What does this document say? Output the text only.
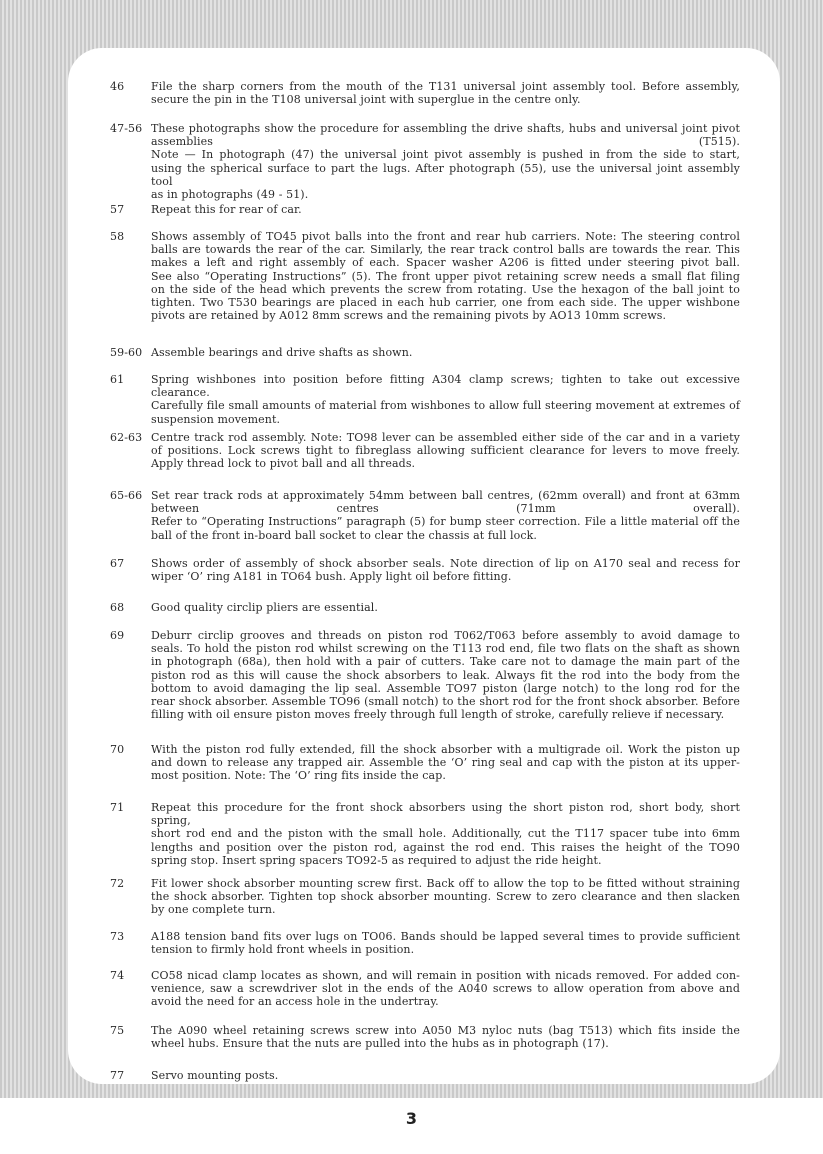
46	File the sharp corners from the mouth of the T131 universal joint assembly tool. Before assembly,
secure the pin in the T108 universal joint with superglue in the centre only.
47-56 These photographs show the procedure for assembling the drive shafts, hubs and universal joint pivot
assemblies (T515).
Note — In photograph (47) the universal joint pivot assembly is pushed in from the side to start,
using the spherical surface to part the lugs. After photograph (55), use the universal joint assembly tool
as in photographs (49 - 51).
57	Repeat this for rear of car.
58	Shows assembly of TO45 pivot balls into the front and rear hub carriers. Note: The steering control
balls are towards the rear of the car. Similarly, the rear track control balls are towards the rear. This
makes a left and right assembly of each. Spacer washer A206 is fitted under steering pivot ball.
See also “Operating Instructions” (5). The front upper pivot retaining screw needs a small flat filing
on the side of the head which prevents the screw from rotating. Use the hexagon of the ball joint to
tighten. Two T530 bearings are placed in each hub carrier, one from each side. The upper wishbone
pivots are retained by A012 8mm screws and the remaining pivots by AO13 10mm screws.
59-60 Assemble bearings and drive shafts as shown.
61	Spring wishbones into position before fitting A304 clamp screws; tighten to take out excessive clearance.
Carefully file small amounts of material from wishbones to allow full steering movement at extremes of
suspension movement.
62-63 Centre track rod assembly. Note: TO98 lever can be assembled either side of the car and in a variety
of positions. Lock screws tight to fibreglass allowing sufficient clearance for levers to move freely.
Apply thread lock to pivot ball and all threads.
65-66 Set rear track rods at approximately 54mm between ball centres, (62mm overall) and front at 63mm
between centres (71mm overall).
Refer to “Operating Instructions” paragraph (5) for bump steer correction. File a little material off the
ball of the front in-board ball socket to clear the chassis at full lock.
67	Shows order of assembly of shock absorber seals. Note direction of lip on A170 seal and recess for
wiper ‘O’ ring A181 in TO64 bush. Apply light oil before fitting.
68	Good quality circlip pliers are essential.
69	Deburr circlip grooves and threads on piston rod T062/T063 before assembly to avoid damage to
seals. To hold the piston rod whilst screwing on the T113 rod end, file two flats on the shaft as shown
in photograph (68a), then hold with a pair of cutters. Take care not to damage the main part of the
piston rod as this will cause the shock absorbers to leak. Always fit the rod into the body from the
bottom to avoid damaging the lip seal. Assemble TO97 piston (large notch) to the long rod for the
rear shock absorber. Assemble TO96 (small notch) to the short rod for the front shock absorber. Before
filling with oil ensure piston moves freely through full length of stroke, carefully relieve if necessary.
70	With the piston rod fully extended, fill the shock absorber with a multigrade oil. Work the piston up
and down to release any trapped air. Assemble the ‘O’ ring seal and cap with the piston at its upper-
most position. Note: The ‘O’ ring fits inside the cap.
71	Repeat this procedure for the front shock absorbers using the short piston rod, short body, short spring,
short rod end and the piston with the small hole. Additionally, cut the T117 spacer tube into 6mm
lengths and position over the piston rod, against the rod end. This raises the height of the TO90
spring stop. Insert spring spacers TO92-5 as required to adjust the ride height.
72	Fit lower shock absorber mounting screw first. Back off to allow the top to be fitted without straining
the shock absorber. Tighten top shock absorber mounting. Screw to zero clearance and then slacken
by one complete turn.
73	A188 tension band fits over lugs on TO06. Bands should be lapped several times to provide sufficient
tension to firmly hold front wheels in position.
74	CO58 nicad clamp locates as shown, and will remain in position with nicads removed. For added con-
venience, saw a screwdriver slot in the ends of the A040 screws to allow operation from above and
avoid the need for an access hole in the undertray.
75	The A090 wheel retaining screws screw into A050 M3 nyloc nuts (bag T513) which fits inside the
wheel hubs. Ensure that the nuts are pulled into the hubs as in photograph (17).
77	Servo mounting posts.
3
